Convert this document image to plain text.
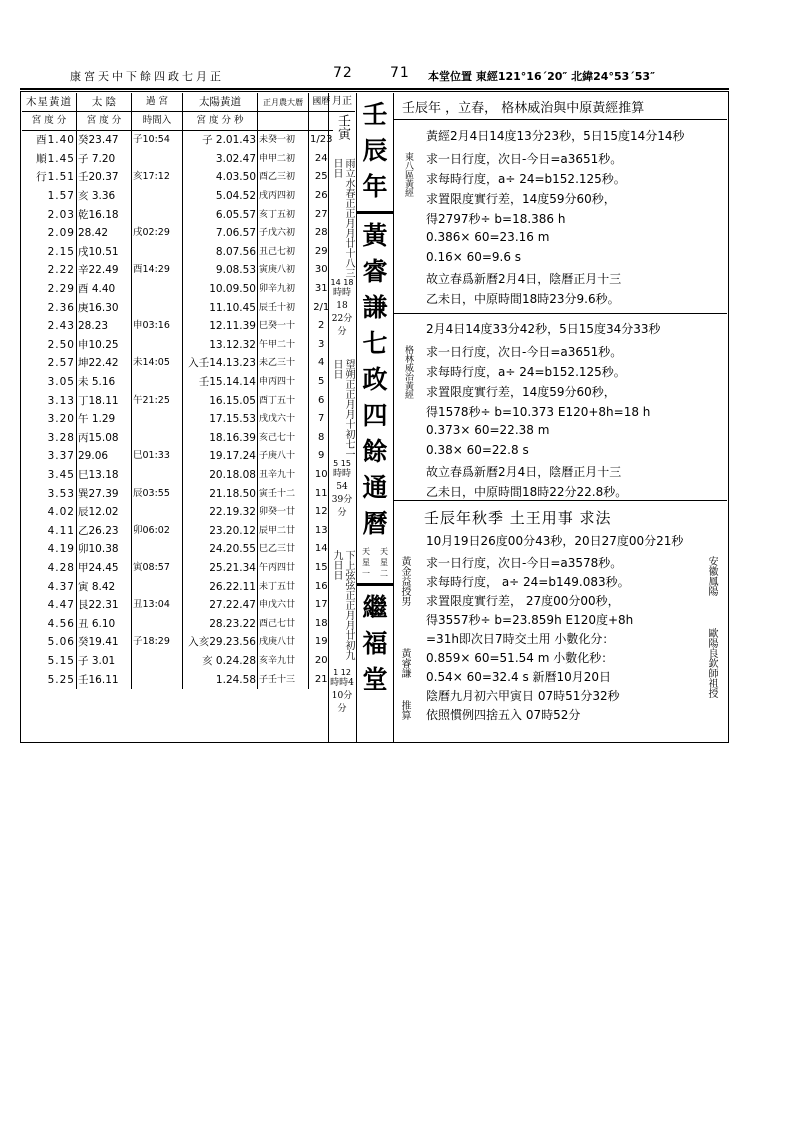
康宮天中下餘四政七月正	72	71 本堂位置 東經121°16´20″ 北緯24°53´53″
木星黃道	太 陰	過 宮	太陽黃道	正月農大曆	國曆
宮 度 分	宮 度 分	時間入	宮 度 分 秒		
酉1.40	癸23.47	子10:54	子 2.01.43	未癸一初	1/23
順1.45	子 7.20		3.02.47	申甲二初	24
行1.51	壬20.37	亥17:12	4.03.50	酉乙三初	25
1.57	亥 3.36		5.04.52	戌丙四初	26
2.03	乾16.18		6.05.57	亥丁五初	27
2.09	28.42	戌02:29	7.06.57	子戊六初	28
2.15	戌10.51		8.07.56	丑己七初	29
2.22	辛22.49	酉14:29	9.08.53	寅庚八初	30
2.29	酉 4.40		10.09.50	卯辛九初	31
2.36	庚16.30		11.10.45	辰壬十初	2/1
2.43	28.23	申03:16	12.11.39	巳癸一十	2
2.50	申10.25		13.12.32	午甲二十	3
2.57	坤22.42	未14:05	入壬14.13.23	未乙三十	4
3.05	未 5.16		壬15.14.14	申丙四十	5
3.13	丁18.11	午21:25	16.15.05	酉丁五十	6
3.20	午 1.29		17.15.53	戌戊六十	7
3.28	丙15.08		18.16.39	亥己七十	8
3.37	29.06	巳01:33	19.17.24	子庚八十	9
3.45	巳13.18		20.18.08	丑辛九十	10
3.53	巽27.39	辰03:55	21.18.50	寅壬十二	11
4.02	辰12.02		22.19.32	卯癸一廿	12
4.11	乙26.23	卯06:02	23.20.12	辰甲二廿	13
4.19	卯10.38		24.20.55	巳乙三廿	14
4.28	甲24.45	寅08:57	25.21.34	午丙四廿	15
4.37	寅 8.42		26.22.11	未丁五廿	16
4.47	艮22.31	丑13:04	27.22.47	申戊六廿	17
4.56	丑 6.10		28.23.22	酉己七廿	18
5.06	癸19.41	子18:29	入亥29.23.56	戌庚八廿	19
5.15	子 3.01		亥 0.24.28	亥辛九廿	20
5.25	壬16.11		1.24.58	子壬十三	21
月正
壬寅
雨立水春正正月月廿十八三日日
14 18
時時18 22分分
望朔正正月月十初七一日日
5 15
時時54 39分分
下上弦弦正正月月廿初九九日日
1 12
時時4 10分分
壬
辰
年
黃
睿
謙
七
政
四
餘
通
曆
天
星
一
天
星
二
繼
福
堂
壬辰年 ，立春， 格林威治與中原黃經推算
東八區黃經
黃經2月4日14度13分23秒，5日15度14分14秒
求一日行度，次日-今日=a3651秒。
求每時行度，a÷ 24=b152.125秒。
求置限度實行差，14度59分60秒，
得2797秒÷ b=18.386 h
0.386× 60=23.16 m
0.16× 60=9.6 s
故立春爲新曆2月4日，陰曆正月十三
乙未日，中原時間18時23分9.6秒。
格林威治黃經
2月4日14度33分42秒，5日15度34分33秒
求一日行度，次日-今日=a3651秒。
求每時行度，a÷ 24=b152.125秒。
求置限度實行差，14度59分60秒，
得1578秒÷ b=10.373 E120+8h=18 h
0.373× 60=22.38 m
0.38× 60=22.8 s
故立春爲新曆2月4日，陰曆正月十三
乙未日，中原時間18時22分22.8秒。
壬辰年秋季 土王用事 求法
黃金益授男
黃睿謙
推算
安徽鳳陽
歐陽良欽師祖授
10月19日26度00分43秒，20日27度00分21秒
求一日行度，次日-今日=a3578秒。
求每時行度， a÷ 24=b149.083秒。
求置限度實行差， 27度00分00秒，
得3557秒÷ b=23.859h E120度+8h
=31h即次日7時交土用 小數化分：
0.859× 60=51.54 m 小數化秒：
0.54× 60=32.4 s 新曆10月20日
陰曆九月初六甲寅日 07時51分32秒
依照慣例四捨五入 07時52分
